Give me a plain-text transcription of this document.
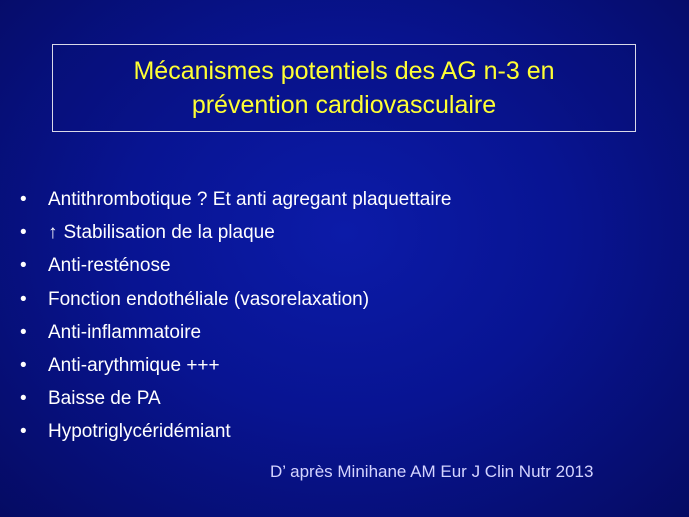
Mécanismes potentiels des AG n-3 en
prévention cardiovasculaire
• Antithrombotique ? Et anti agregant plaquettaire
• ↑ Stabilisation de la plaque
• Anti-resténose
• Fonction endothéliale (vasorelaxation)
• Anti-inflammatoire
• Anti-arythmique +++
• Baisse de PA
• Hypotriglycéridémiant
D’ après Minihane AM Eur J Clin Nutr 2013
